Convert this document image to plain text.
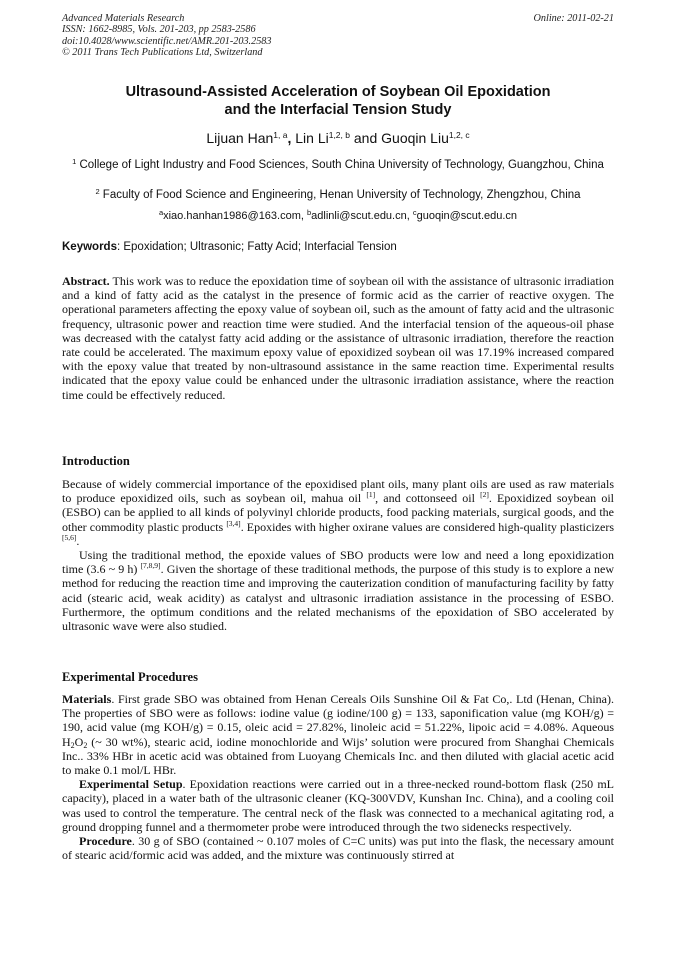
Advanced Materials Research
ISSN: 1662-8985, Vols. 201-203, pp 2583-2586
doi:10.4028/www.scientific.net/AMR.201-203.2583
© 2011 Trans Tech Publications Ltd, Switzerland
Online: 2011-02-21
Ultrasound-Assisted Acceleration of Soybean Oil Epoxidation
and the Interfacial Tension Study
Lijuan Han$^{1, a}$, Lin Li$^{1,2, b}$ and Guoqin Liu$^{1,2, c}$
$^1$ College of Light Industry and Food Sciences, South China University of Technology, Guangzhou, China
$^2$ Faculty of Food Science and Engineering, Henan University of Technology, Zhengzhou, China
$^a$xiao.hanhan1986@163.com, $^b$adlinli@scut.edu.cn, $^c$guoqin@scut.edu.cn
Keywords: Epoxidation; Ultrasonic; Fatty Acid; Interfacial Tension

Abstract. This work was to reduce the epoxidation time of soybean oil with the assistance of ultrasonic irradiation and a kind of fatty acid as the catalyst in the presence of formic acid as the carrier of reactive oxygen. The operational parameters affecting the epoxy value of soybean oil, such as the amount of fatty acid and the ultrasonic frequency, ultrasonic power and reaction time were studied. And the interfacial tension of the aqueous-oil phase was decreased with the catalyst fatty acid adding or the assistance of ultrasonic irradiation, therefore the reaction rate could be accelerated. The maximum epoxy value of epoxidized soybean oil was 17.19% increased compared with the epoxy value that treated by non-ultrasound assistance in the same reaction time. Experimental results indicated that the epoxy value could be enhanced under the ultrasonic irradiation assistance, where the reaction time could be effectively reduced.

Introduction

Because of widely commercial importance of the epoxidised plant oils, many plant oils are used as raw materials to produce epoxidized oils, such as soybean oil, mahua oil [1], and cottonseed oil [2]. Epoxidized soybean oil (ESBO) can be applied to all kinds of polyvinyl chloride products, food packing materials, surgical goods, and the other commodity plastic products [3,4]. Epoxides with higher oxirane values are considered high-quality plasticizers [5,6].

Using the traditional method, the epoxide values of SBO products were low and need a long epoxidization time (3.6 ~ 9 h) [7,8,9]. Given the shortage of these traditional methods, the purpose of this study is to explore a new method for reducing the reaction time and improving the cauterization condition of manufacturing facility by fatty acid (stearic acid, weak acidity) as catalyst and ultrasonic irradiation assistance in the processing of ESBO. Furthermore, the optimum conditions and the related mechanisms of the epoxidation of SBO accelerated by ultrasonic wave were also studied.

Experimental Procedures

Materials. First grade SBO was obtained from Henan Cereals Oils Sunshine Oil & Fat Co,. Ltd (Henan, China). The properties of SBO were as follows: iodine value (g iodine/100 g) = 133, saponification value (mg KOH/g) = 190, acid value (mg KOH/g) = 0.15, oleic acid = 27.82%, linoleic acid = 51.22%, lipoic acid = 4.08%. Aqueous $H_2O_2$ (~ 30 wt%), stearic acid, iodine monochloride and Wijs’ solution were procured from Shanghai Chemicals Inc.. 33% HBr in acetic acid was obtained from Luoyang Chemicals Inc. and then diluted with glacial acetic acid to make 0.1 mol/L HBr.

Experimental Setup. Epoxidation reactions were carried out in a three-necked round-bottom flask (250 mL capacity), placed in a water bath of the ultrasonic cleaner (KQ-300VDV, Kunshan Inc. China), and a cooling coil was used to control the temperature. The central neck of the flask was connected to a mechanical agitating rod, a ground dropping funnel and a thermometer probe were introduced through the two sidenecks respectively.

Procedure. 30 g of SBO (contained ~ 0.107 moles of C=C units) was put into the flask, the necessary amount of stearic acid/formic acid was added, and the mixture was continuously stirred at
